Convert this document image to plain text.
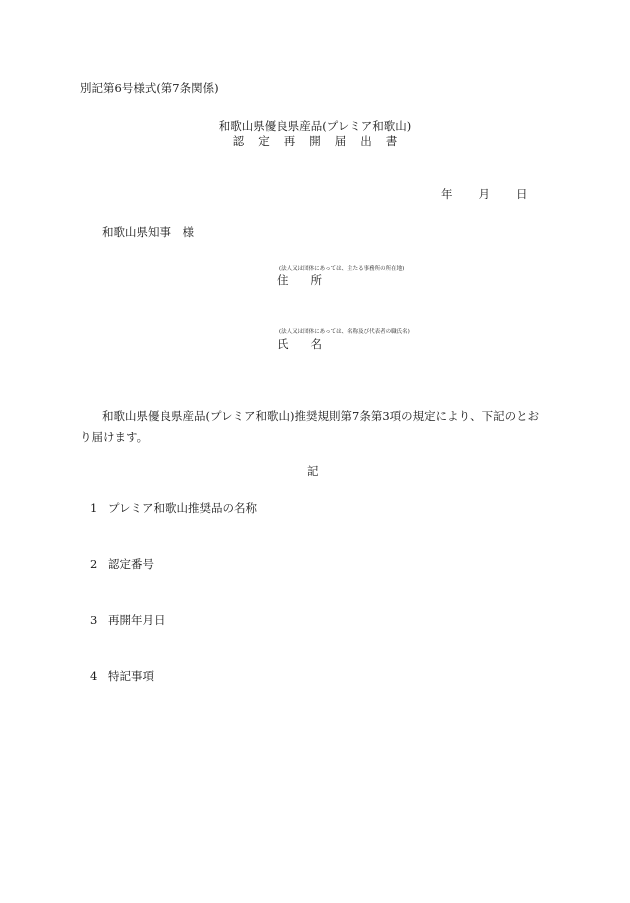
別記第6号様式(第7条関係)
和歌山県優良県産品(プレミア和歌山)
認定再開届出書
年 月 日
和歌山県知事　様
(法人又は団体にあっては、主たる事務所の所在地)
住所
(法人又は団体にあっては、名称及び代表者の職氏名)
氏名
和歌山県優良県産品(プレミア和歌山)推奨規則第7条第3項の規定により、下記のとおり届けます。
記
1 プレミア和歌山推奨品の名称
2 認定番号
3 再開年月日
4 特記事項
